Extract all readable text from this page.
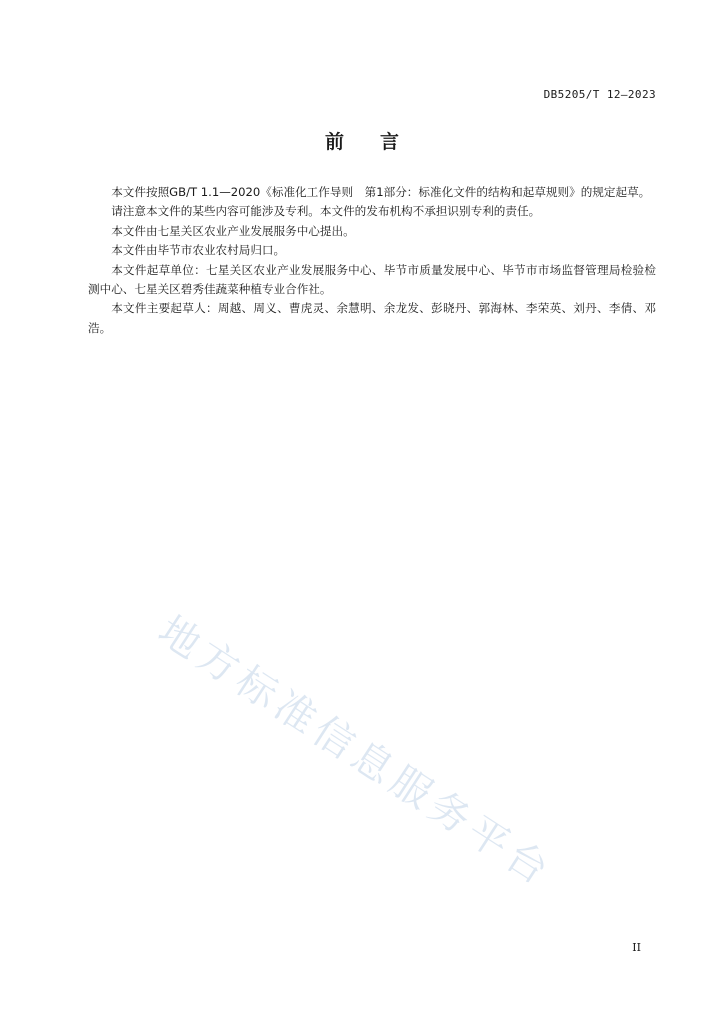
DB5205/T 12—2023
前言

本文件按照GB/T 1.1—2020《标准化工作导则　第1部分：标准化文件的结构和起草规则》的规定起草。

请注意本文件的某些内容可能涉及专利。本文件的发布机构不承担识别专利的责任。

本文件由七星关区农业产业发展服务中心提出。

本文件由毕节市农业农村局归口。

本文件起草单位：七星关区农业产业发展服务中心、毕节市质量发展中心、毕节市市场监督管理局检验检测中心、七星关区碧秀佳蔬菜种植专业合作社。

本文件主要起草人：周越、周义、曹虎灵、余慧明、余龙发、彭晓丹、郭海林、李荣英、刘丹、李倩、邓浩。

地方标准信息服务平台
II
